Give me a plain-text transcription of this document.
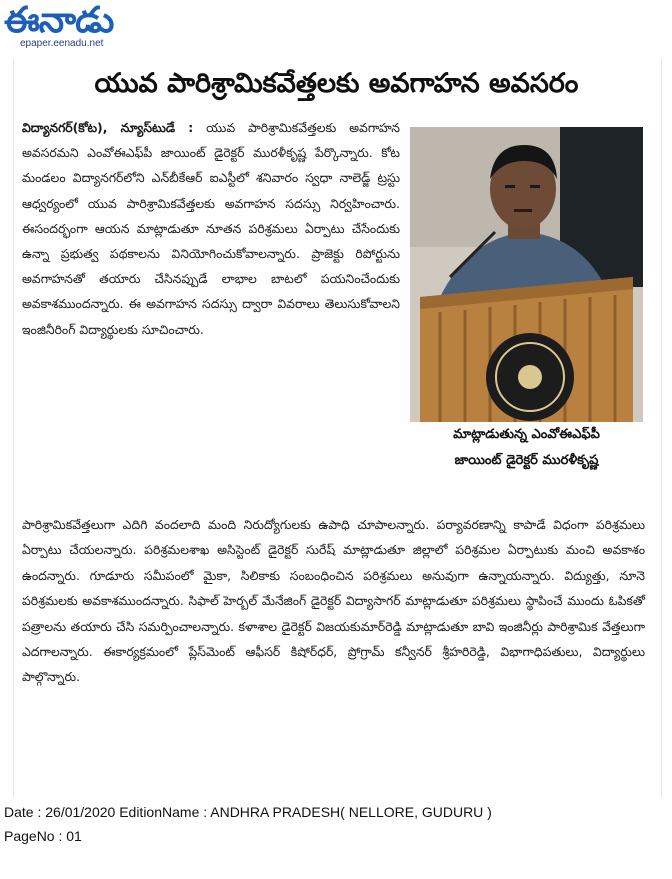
ఈనాడు
epaper.eenadu.net
యువ పారిశ్రామికవేత్తలకు అవగాహన అవసరం
విద్యానగర్(కోట), న్యూస్‌టుడే : యువ పారిశ్రామికవేత్తలకు అవగాహన అవసరమని ఎంవోఈఎఫ్‌పీ జాయింట్ డైరెక్టర్ మురళీకృష్ణ పేర్కొన్నారు. కోట మండలం విద్యానగర్‌లోని ఎన్‌బీకేఆర్ ఐఎస్టీలో శనివారం స్వధా నాలెడ్జ్ ట్రస్టు ఆధ్వర్యంలో యువ పారిశ్రామికవేత్తలకు అవగాహన సదస్సు నిర్వహించారు. ఈసందర్భంగా ఆయన మాట్లాడుతూ నూతన పరిశ్రమలు ఏర్పాటు చేసేందుకు ఉన్నా ప్రభుత్వ పథకాలను వినియోగించుకోవాలన్నారు. ప్రాజెక్టు రిపోర్టును అవగాహనతో తయారు చేసినప్పుడే లాభాల బాటలో పయనించేందుకు అవకాశముందన్నారు. ఈ అవగాహన సదస్సు ద్వారా వివరాలు తెలుసుకోవాలని ఇంజినీరింగ్ విద్యార్థులకు సూచించారు.
మాట్లాడుతున్న ఎంవోఈఎఫ్‌పీ
జాయింట్ డైరెక్టర్ మురళీకృష్ణ
పారిశ్రామికవేత్తలుగా ఎదిగి వందలాది మంది నిరుద్యోగులకు ఉపాధి చూపాలన్నారు. పర్యావరణాన్ని కాపాడే విధంగా పరిశ్రమలు ఏర్పాటు చేయలన్నారు. పరిశ్రమలశాఖ అసిస్టెంట్ డైరెక్టర్ సురేష్ మాట్లాడుతూ జిల్లాలో పరిశ్రమల ఏర్పాటుకు మంచి అవకాశం ఉందన్నారు. గూడూరు సమీపంలో మైకా, సిలికాకు సంబంధించిన పరిశ్రమలు అనువుగా ఉన్నాయన్నారు. విద్యుత్తు, నూనె పరిశ్రమలకు అవకాశముందన్నారు. సిఫాల్ హెర్బల్ మేనేజింగ్ డైరెక్టర్ విద్యాసాగర్ మాట్లాడుతూ పరిశ్రమలు స్థాపించే ముందు ఓపికతో పత్రాలను తయారు చేసి సమర్పించాలన్నారు. కళాశాల డైరెక్టర్ విజయకుమార్‌రెడ్డి మాట్లాడుతూ బావి ఇంజినీర్లు పారిశ్రామిక వేత్తలుగా ఎదగాలన్నారు. ఈకార్యక్రమంలో ప్లేస్‌మెంట్ ఆఫీసర్ కిషోర్‌ధర్, ప్రోగ్రామ్ కన్వీనర్ శ్రీహరిరెడ్డి, విభాగాధిపతులు, విద్యార్థులు పాల్గొన్నారు.
Date : 26/01/2020 EditionName : ANDHRA PRADESH( NELLORE, GUDURU )
PageNo : 01
